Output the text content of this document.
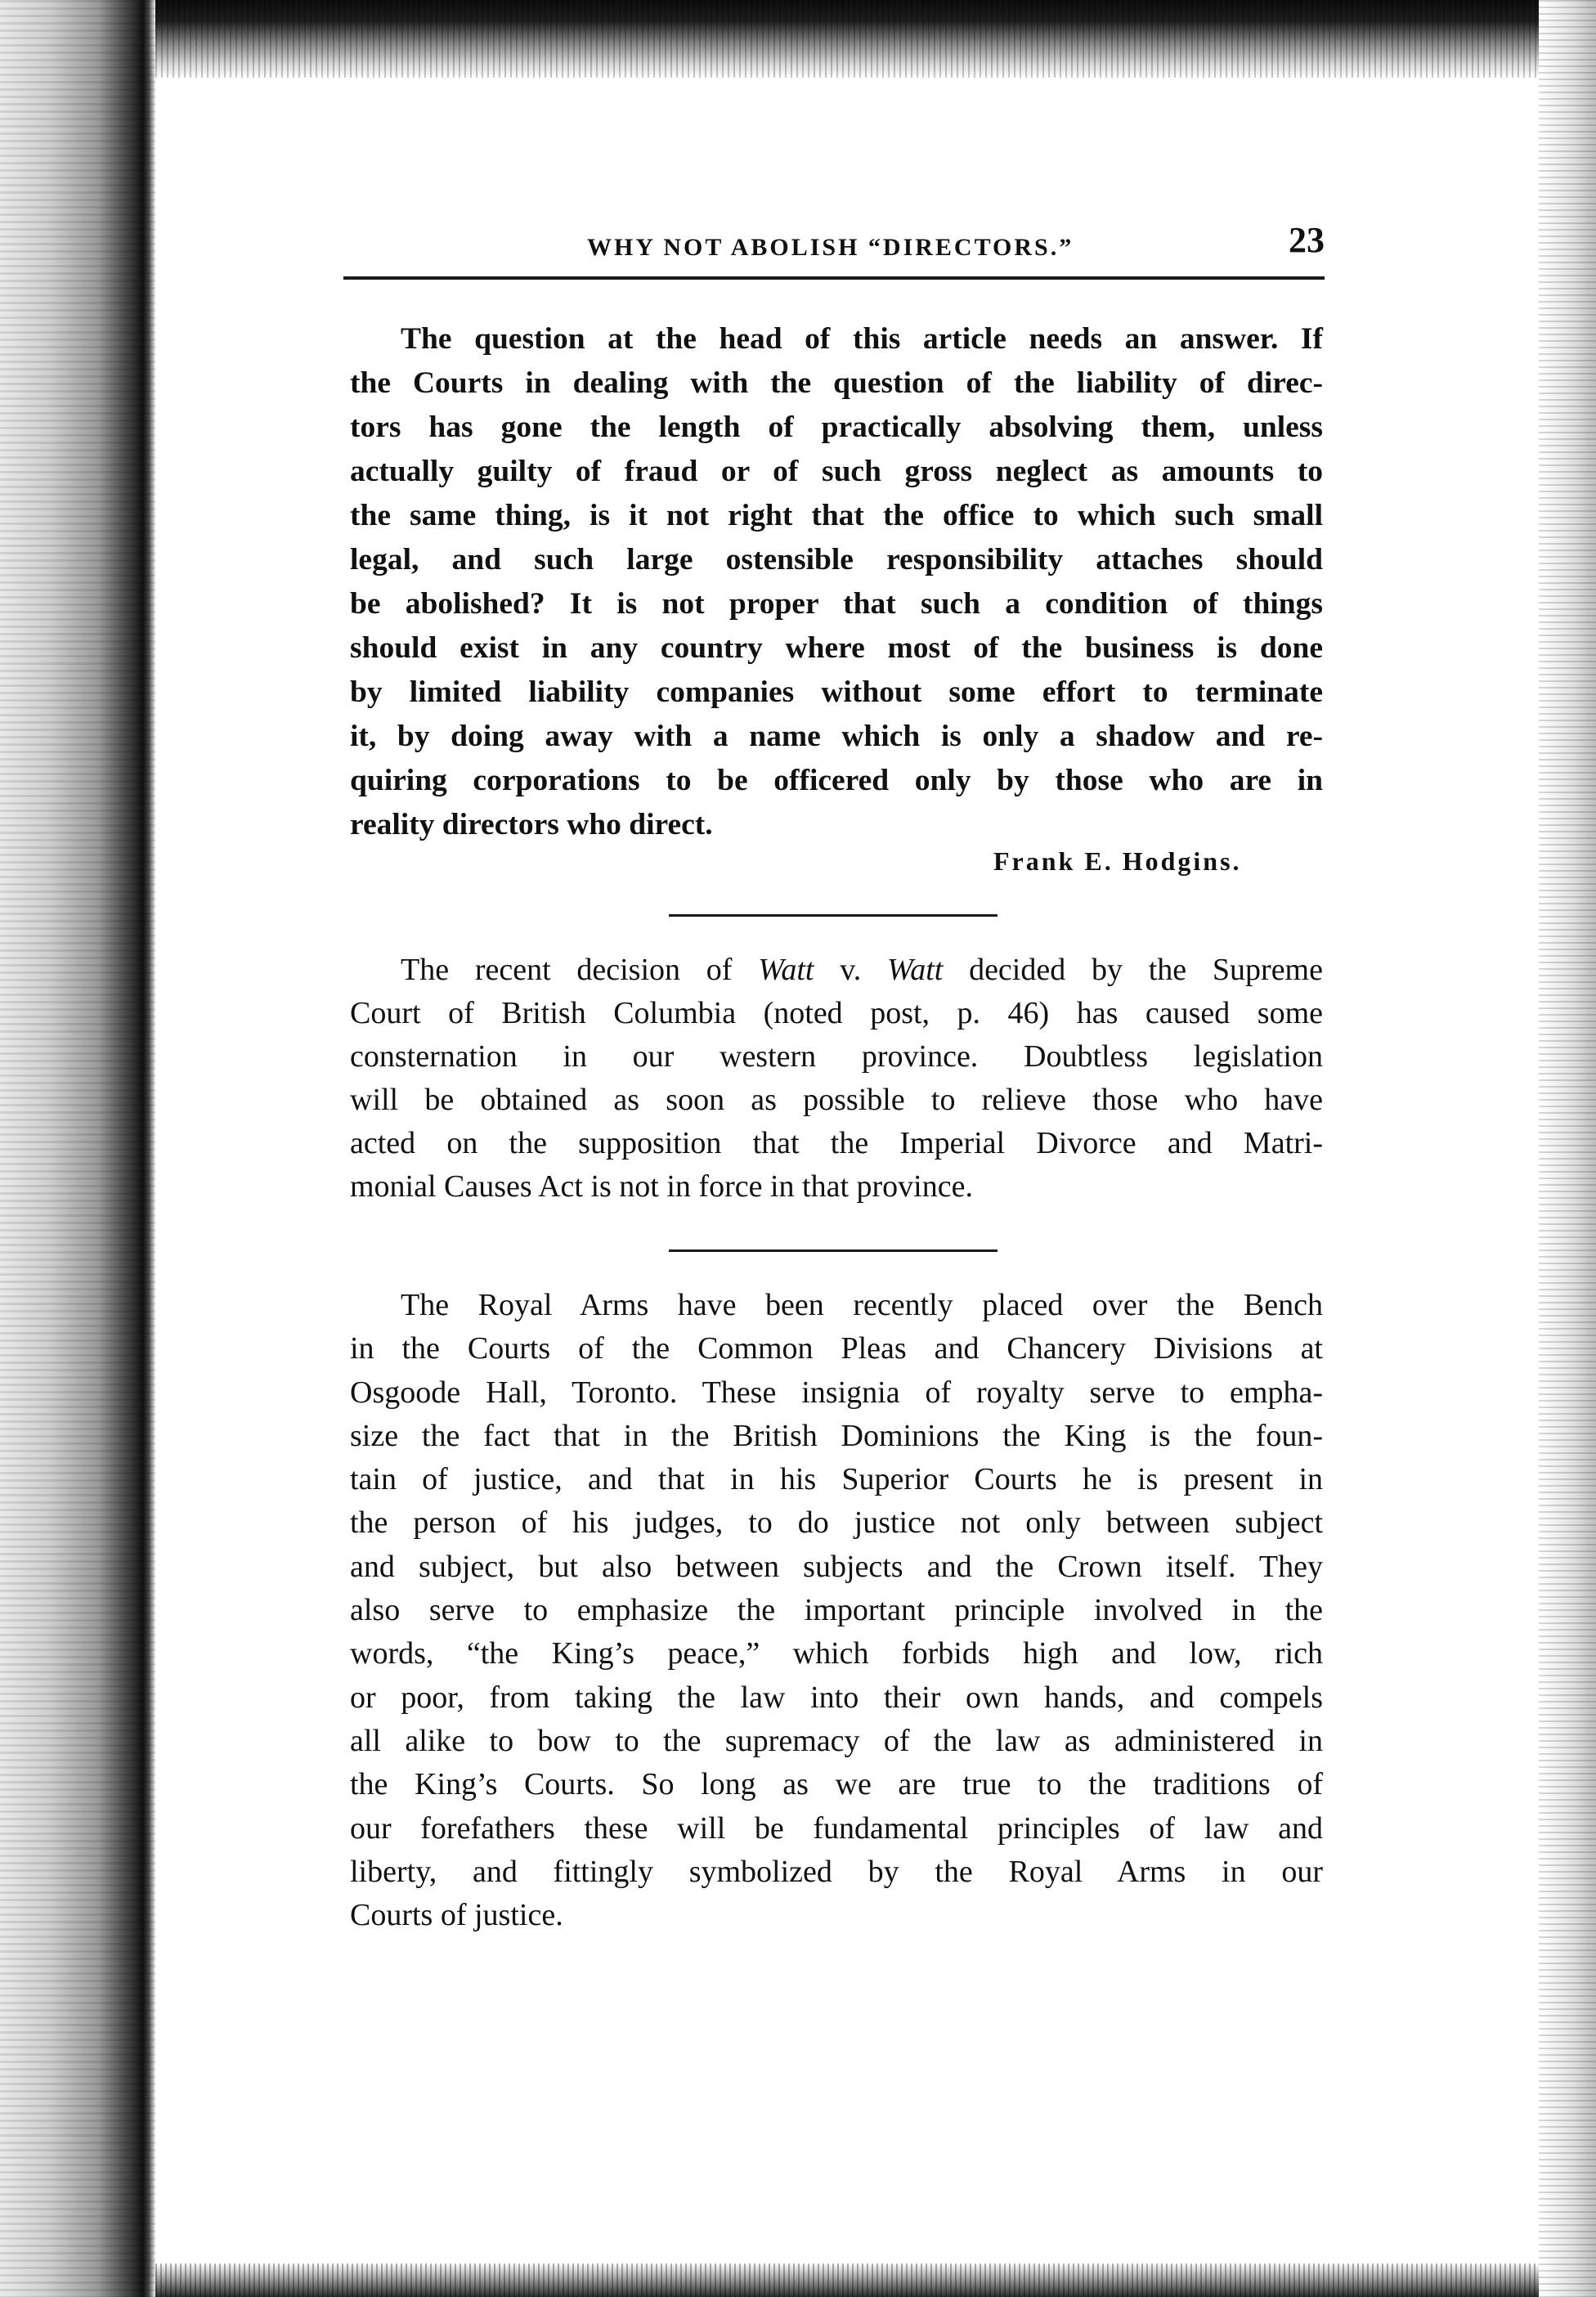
WHY NOT ABOLISH “DIRECTORS.”	23
The question at the head of this article needs an answer. If
the Courts in dealing with the question of the liability of direc-
tors has gone the length of practically absolving them, unless
actually guilty of fraud or of such gross neglect as amounts to
the same thing, is it not right that the office to which such small
legal, and such large ostensible responsibility attaches should
be abolished? It is not proper that such a condition of things
should exist in any country where most of the business is done
by limited liability companies without some effort to terminate
it, by doing away with a name which is only a shadow and re-
quiring corporations to be officered only by those who are in
reality directors who direct.
Frank E. Hodgins.
The recent decision of Watt v. Watt decided by the Supreme
Court of British Columbia (noted post, p. 46) has caused some
consternation in our western province. Doubtless legislation
will be obtained as soon as possible to relieve those who have
acted on the supposition that the Imperial Divorce and Matri-
monial Causes Act is not in force in that province.
The Royal Arms have been recently placed over the Bench
in the Courts of the Common Pleas and Chancery Divisions at
Osgoode Hall, Toronto. These insignia of royalty serve to empha-
size the fact that in the British Dominions the King is the foun-
tain of justice, and that in his Superior Courts he is present in
the person of his judges, to do justice not only between subject
and subject, but also between subjects and the Crown itself. They
also serve to emphasize the important principle involved in the
words, “the King’s peace,” which forbids high and low, rich
or poor, from taking the law into their own hands, and compels
all alike to bow to the supremacy of the law as administered in
the King’s Courts. So long as we are true to the traditions of
our forefathers these will be fundamental principles of law and
liberty, and fittingly symbolized by the Royal Arms in our
Courts of justice.
